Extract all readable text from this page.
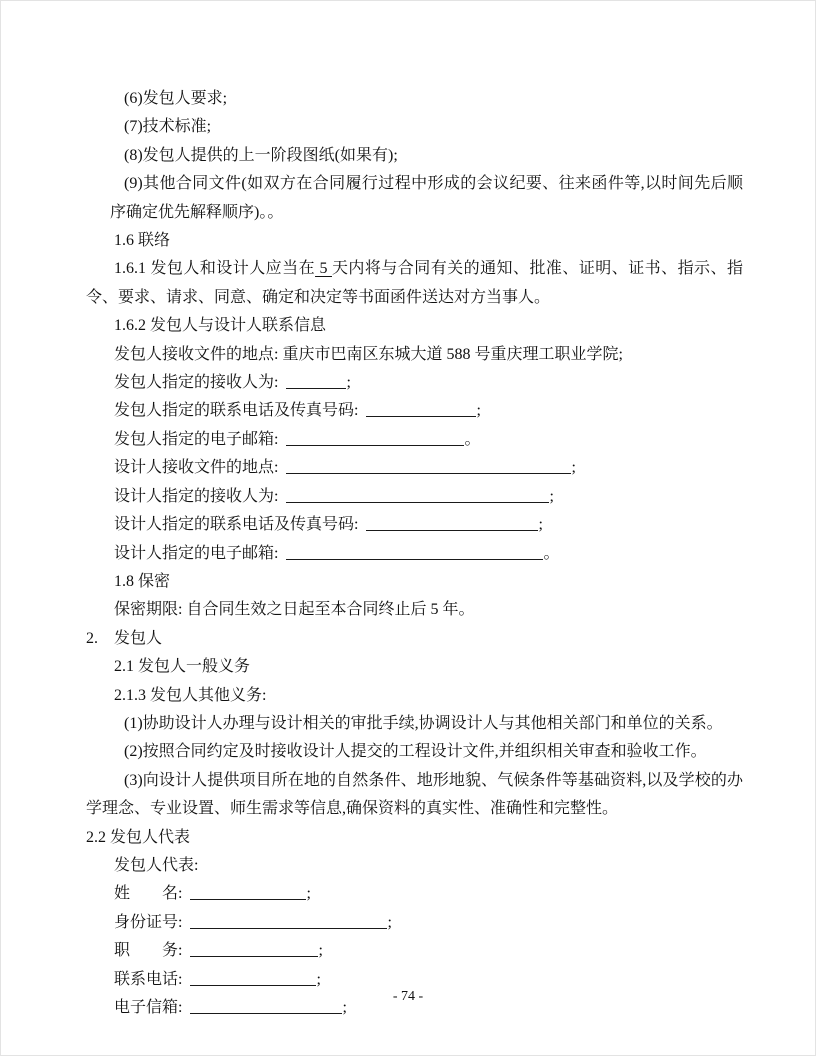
(6)发包人要求;

(7)技术标准;

(8)发包人提供的上一阶段图纸(如果有);

(9)其他合同文件(如双方在合同履行过程中形成的会议纪要、往来函件等,以时间先后顺序确定优先解释顺序)。。

1.6 联络

1.6.1 发包人和设计人应当在 5 天内将与合同有关的通知、批准、证明、证书、指示、指令、要求、请求、同意、确定和决定等书面函件送达对方当事人。

1.6.2 发包人与设计人联系信息

发包人接收文件的地点: 重庆市巴南区东城大道 588 号重庆理工职业学院;

发包人指定的接收人为:	;

发包人指定的联系电话及传真号码:	;

发包人指定的电子邮箱:	。

设计人接收文件的地点:	;

设计人指定的接收人为:	;

设计人指定的联系电话及传真号码:	;

设计人指定的电子邮箱:	。

1.8 保密

保密期限: 自合同生效之日起至本合同终止后 5 年。

2.　发包人

2.1 发包人一般义务

2.1.3 发包人其他义务:

(1)协助设计人办理与设计相关的审批手续,协调设计人与其他相关部门和单位的关系。

(2)按照合同约定及时接收设计人提交的工程设计文件,并组织相关审查和验收工作。

(3)向设计人提供项目所在地的自然条件、地形地貌、气候条件等基础资料,以及学校的办学理念、专业设置、师生需求等信息,确保资料的真实性、准确性和完整性。

2.2 发包人代表

发包人代表:

姓　　名:	;

身份证号:	;

职　　务:	;

联系电话:	;

电子信箱:	;

- 74 -
